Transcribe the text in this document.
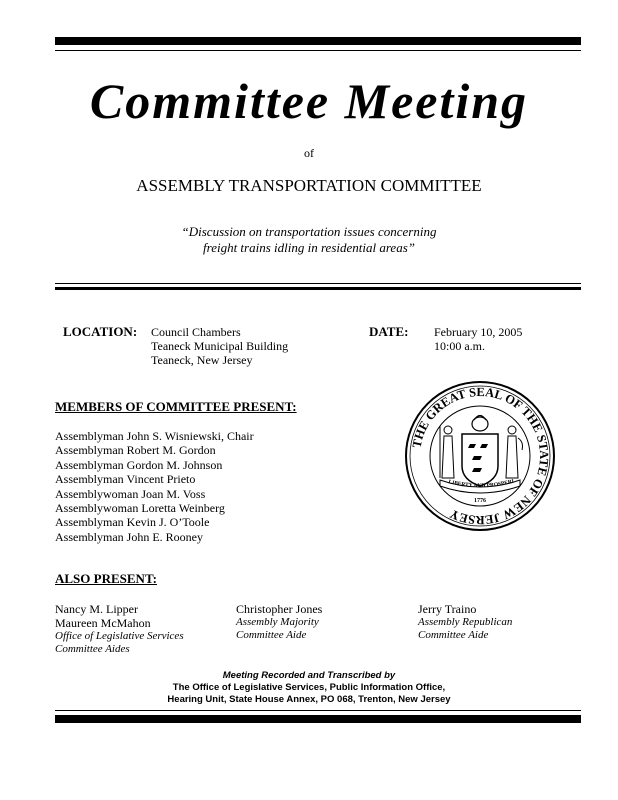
Committee Meeting
of
ASSEMBLY TRANSPORTATION COMMITTEE
“Discussion on transportation issues concerning
freight trains idling in residential areas”
LOCATION: Council Chambers
Teaneck Municipal Building
Teaneck, New Jersey
DATE: February 10, 2005
10:00 a.m.
MEMBERS OF COMMITTEE PRESENT:
Assemblyman John S. Wisniewski, Chair
Assemblyman Robert M. Gordon
Assemblyman Gordon M. Johnson
Assemblyman Vincent Prieto
Assemblywoman Joan M. Voss
Assemblywoman Loretta Weinberg
Assemblyman Kevin J. O’Toole
Assemblyman John E. Rooney
THE GREAT SEAL OF THE STATE OF NEW JERSEY
LIBERTY AND PROSPERI
1776
ALSO PRESENT:
Nancy M. Lipper
Maureen McMahon
Office of Legislative Services
Committee Aides
Christopher Jones
Assembly Majority
Committee Aide
Jerry Traino
Assembly Republican
Committee Aide
Meeting Recorded and Transcribed by
The Office of Legislative Services, Public Information Office,
Hearing Unit, State House Annex, PO 068, Trenton, New Jersey
